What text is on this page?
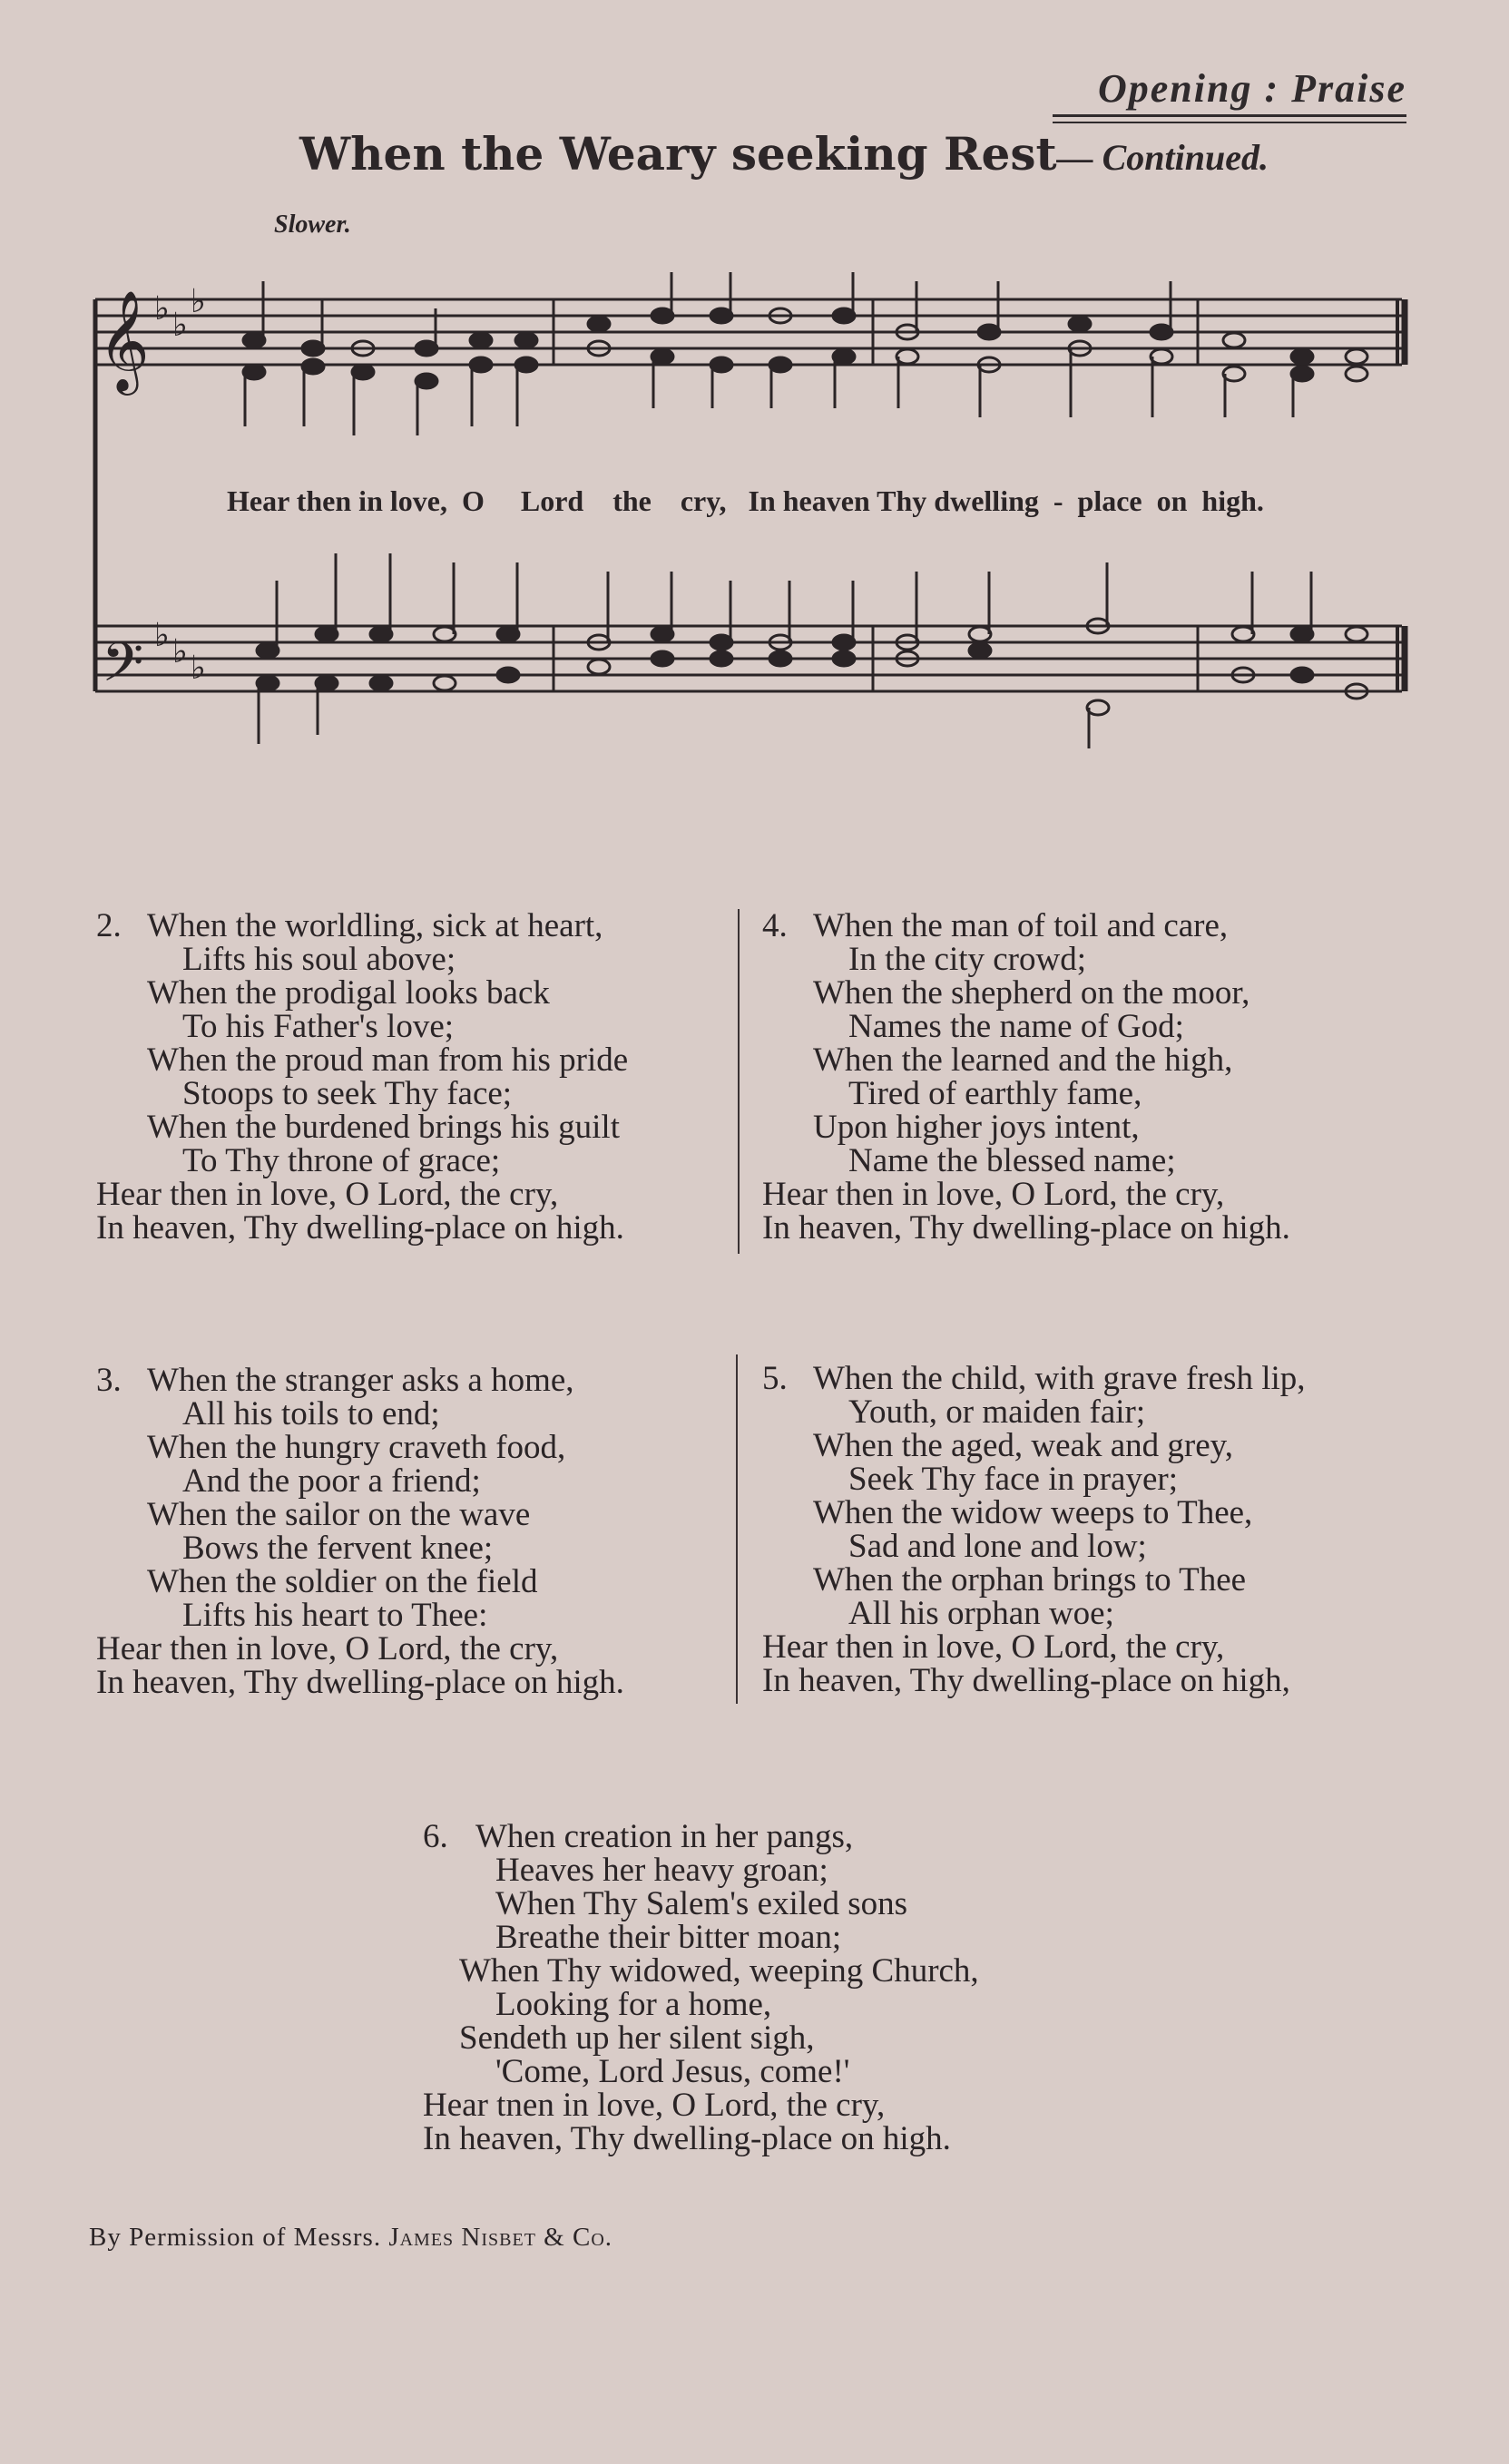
Opening : Praise
When the Weary seeking Rest— Continued.
Slower.
𝄞
𝄢
♭ ♭
♭
♭ ♭ ♭
Hear then in love,  O     Lord    the    cry,   In heaven Thy dwelling  -  place  on  high.
2. When the worldling, sick at heart,
Lifts his soul above;
When the prodigal looks back
To his Father's love;
When the proud man from his pride
Stoops to seek Thy face;
When the burdened brings his guilt
To Thy throne of grace;
Hear then in love, O Lord, the cry,
In heaven, Thy dwelling-place on high.
4. When the man of toil and care,
In the city crowd;
When the shepherd on the moor,
Names the name of God;
When the learned and the high,
Tired of earthly fame,
Upon higher joys intent,
Name the blessed name;
Hear then in love, O Lord, the cry,
In heaven, Thy dwelling-place on high.
3. When the stranger asks a home,
All his toils to end;
When the hungry craveth food,
And the poor a friend;
When the sailor on the wave
Bows the fervent knee;
When the soldier on the field
Lifts his heart to Thee:
Hear then in love, O Lord, the cry,
In heaven, Thy dwelling-place on high.
5. When the child, with grave fresh lip,
Youth, or maiden fair;
When the aged, weak and grey,
Seek Thy face in prayer;
When the widow weeps to Thee,
Sad and lone and low;
When the orphan brings to Thee
All his orphan woe;
Hear then in love, O Lord, the cry,
In heaven, Thy dwelling-place on high,
6. When creation in her pangs,
Heaves her heavy groan;
When Thy Salem's exiled sons
Breathe their bitter moan;
When Thy widowed, weeping Church,
Looking for a home,
Sendeth up her silent sigh,
'Come, Lord Jesus, come!'
Hear tnen in love, O Lord, the cry,
In heaven, Thy dwelling-place on high.
By Permission of Messrs. James Nisbet & Co.
